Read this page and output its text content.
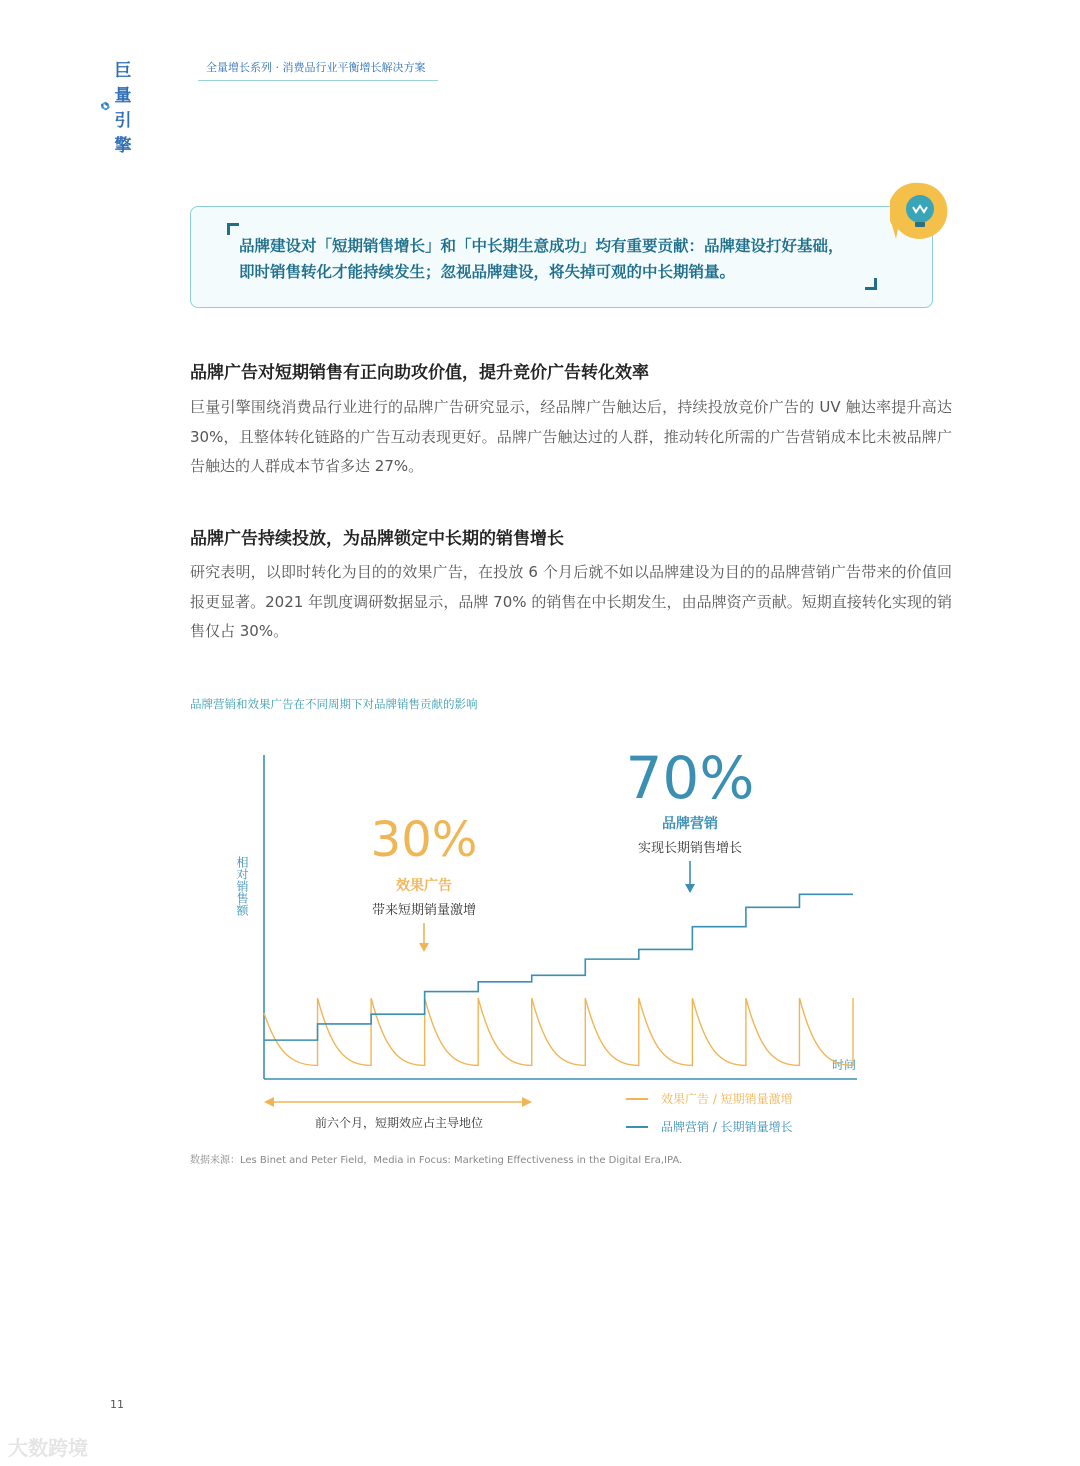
巨量引擎
全量增长系列 · 消费品行业平衡增长解决方案
品牌建设对「短期销售增长」和「中长期生意成功」均有重要贡献：品牌建设打好基础，
即时销售转化才能持续发生；忽视品牌建设，将失掉可观的中长期销量。
品牌广告对短期销售有正向助攻价值，提升竞价广告转化效率
巨量引擎围绕消费品行业进行的品牌广告研究显示，经品牌广告触达后，持续投放竞价广告的 UV 触达率提升高达 30%，且整体转化链路的广告互动表现更好。品牌广告触达过的人群，推动转化所需的广告营销成本比未被品牌广告触达的人群成本节省多达 27%。
品牌广告持续投放，为品牌锁定中长期的销售增长
研究表明，以即时转化为目的的效果广告，在投放 6 个月后就不如以品牌建设为目的的品牌营销广告带来的价值回报更显著。2021 年凯度调研数据显示，品牌 70% 的销售在中长期发生，由品牌资产贡献。短期直接转化实现的销售仅占 30%。
品牌营销和效果广告在不同周期下对品牌销售贡献的影响
相对销售额
时间
30%
效果广告
带来短期销量激增
70%
品牌营销
实现长期销售增长
前六个月，短期效应占主导地位
效果广告 / 短期销量激增
品牌营销 / 长期销量增长
数据来源：Les Binet and Peter Field，Media in Focus: Marketing Effectiveness in the Digital Era,IPA.
11
大数跨境
